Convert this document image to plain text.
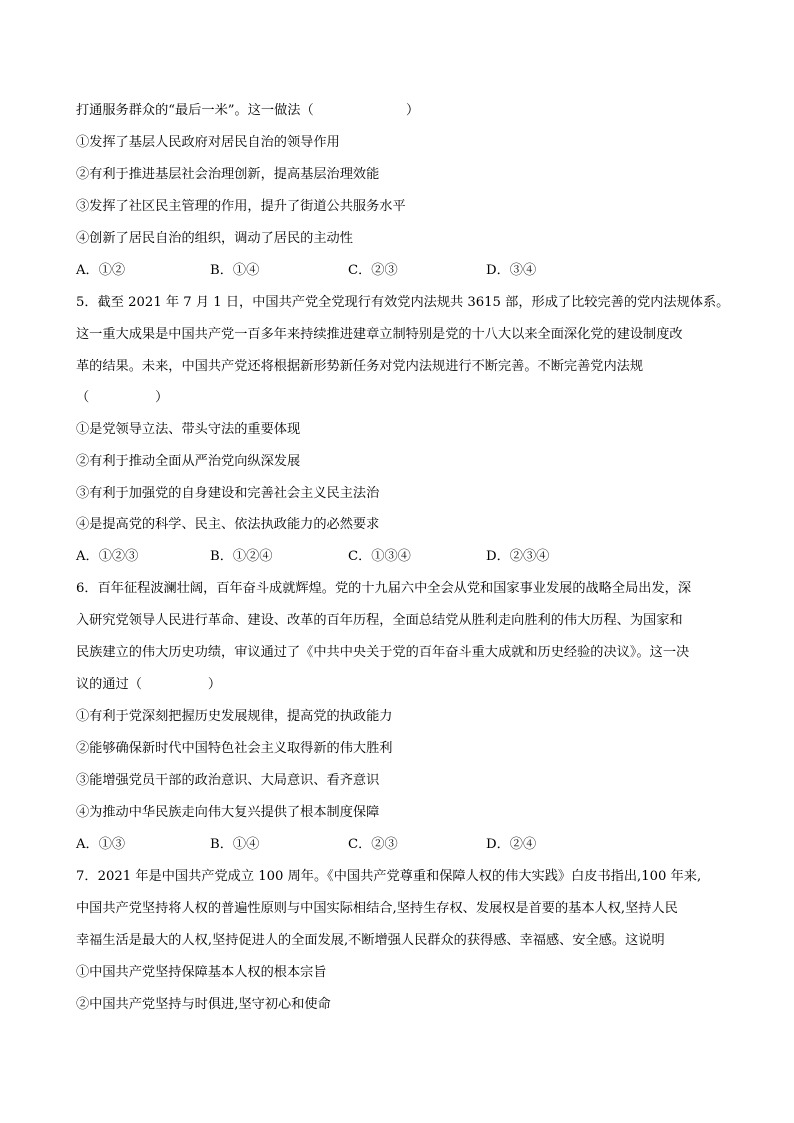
打通服务群众的“最后一米”。这一做法（　　　　　　　）
①发挥了基层人民政府对居民自治的领导作用
②有利于推进基层社会治理创新，提高基层治理效能
③发挥了社区民主管理的作用，提升了街道公共服务水平
④创新了居民自治的组织，调动了居民的主动性
A．①②	B．①④	C．②③	D．③④
5．截至 2021 年 7 月 1 日，中国共产党全党现行有效党内法规共 3615 部，形成了比较完善的党内法规体系。
这一重大成果是中国共产党一百多年来持续推进建章立制特别是党的十八大以来全面深化党的建设制度改
革的结果。未来，中国共产党还将根据新形势新任务对党内法规进行不断完善。不断完善党内法规
（　　　　　）
①是党领导立法、带头守法的重要体现
②有利于推动全面从严治党向纵深发展
③有利于加强党的自身建设和完善社会主义民主法治
④是提高党的科学、民主、依法执政能力的必然要求
A．①②③	B．①②④	C．①③④	D．②③④
6．百年征程波澜壮阔，百年奋斗成就辉煌。党的十九届六中全会从党和国家事业发展的战略全局出发，深
入研究党领导人民进行革命、建设、改革的百年历程，全面总结党从胜利走向胜利的伟大历程、为国家和
民族建立的伟大历史功绩，审议通过了《中共中央关于党的百年奋斗重大成就和历史经验的决议》。这一决
议的通过（　　　　　）
①有利于党深刻把握历史发展规律，提高党的执政能力
②能够确保新时代中国特色社会主义取得新的伟大胜利
③能增强党员干部的政治意识、大局意识、看齐意识
④为推动中华民族走向伟大复兴提供了根本制度保障
A．①③	B．①④	C．②③	D．②④
7．2021 年是中国共产党成立 100 周年。《中国共产党尊重和保障人权的伟大实践》白皮书指出,100 年来,
中国共产党坚持将人权的普遍性原则与中国实际相结合,坚持生存权、发展权是首要的基本人权,坚持人民
幸福生活是最大的人权,坚持促进人的全面发展,不断增强人民群众的获得感、幸福感、安全感。这说明
①中国共产党坚持保障基本人权的根本宗旨
②中国共产党坚持与时俱进,坚守初心和使命
